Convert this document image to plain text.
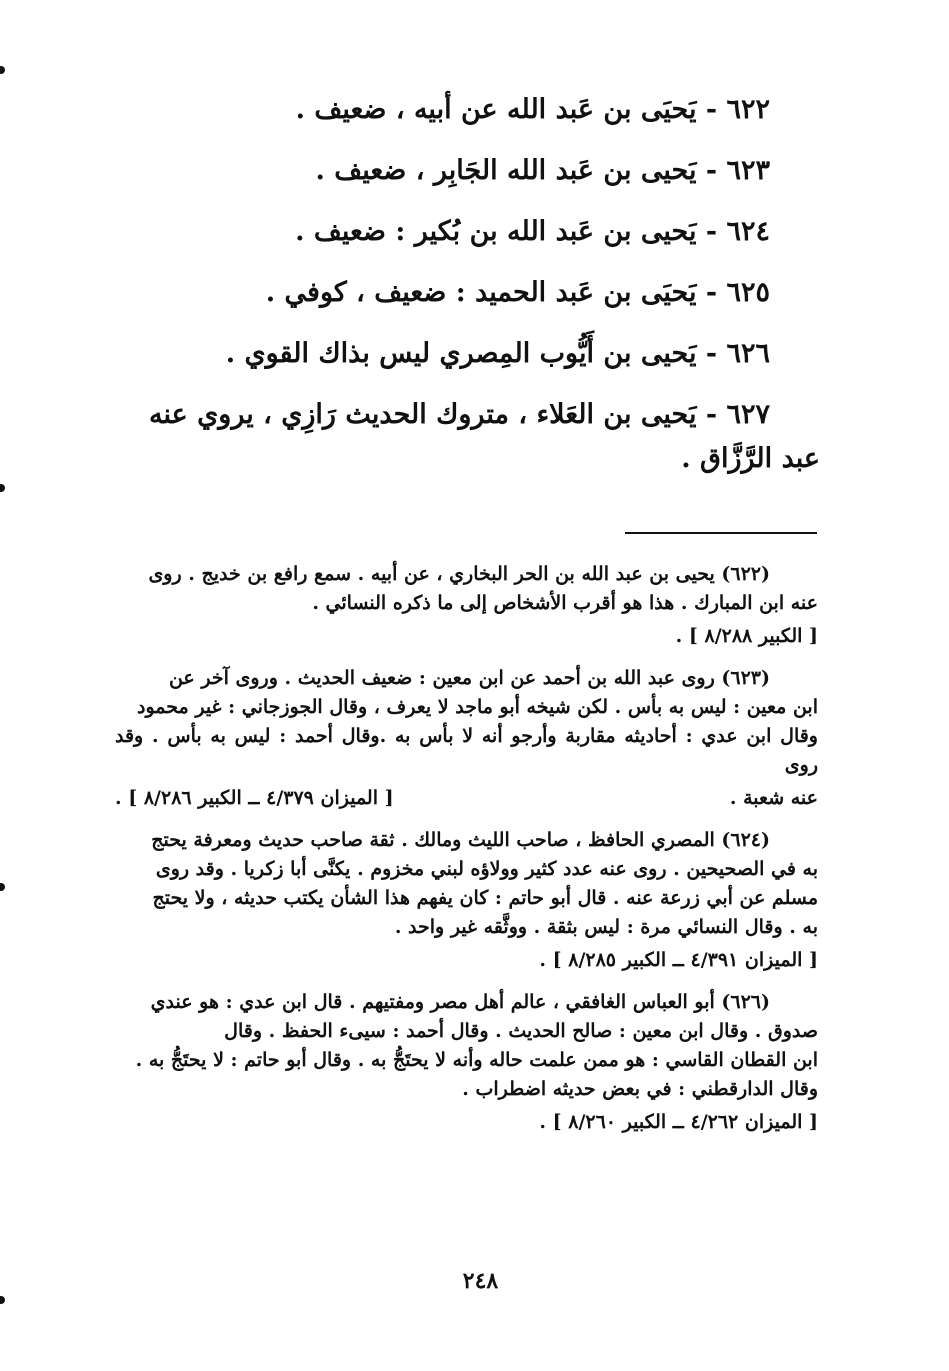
٦٢٢ - يَحيَى بن عَبد الله عن أبيه ، ضعيف .
٦٢٣ - يَحيى بن عَبد الله الجَابِر ، ضعيف .
٦٢٤ - يَحيى بن عَبد الله بن بُكير : ضعيف .
٦٢٥ - يَحيَى بن عَبد الحميد : ضعيف ، كوفي .
٦٢٦ - يَحيى بن أَيُّوب المِصري ليس بذاك القوي .
٦٢٧ - يَحيى بن العَلاء ، متروك الحديث رَازِي ، يروي عنه
عبد الرَّزَّاق .

(٦٢٢) يحيى بن عبد الله بن الحر البخاري ، عن أبيه . سمع رافع بن خديج . روى

عنه ابن المبارك . هذا هو أقرب الأشخاص إلى ما ذكره النسائي .

[ الكبير ٨/٢٨٨ ] .

(٦٢٣) روى عبد الله بن أحمد عن ابن معين : ضعيف الحديث . وروى آخر عن

ابن معين : ليس به بأس . لكن شيخه أبو ماجد لا يعرف ، وقال الجوزجاني : غير محمود

وقال ابن عدي : أحاديثه مقاربة وأرجو أنه لا بأس به .وقال أحمد : ليس به بأس . وقد روى

عنه شعبة .
[ الميزان ٤/٣٧٩ ــ الكبير ٨/٢٨٦ ] .

(٦٢٤) المصري الحافظ ، صاحب الليث ومالك . ثقة صاحب حديث ومعرفة يحتج

به في الصحيحين . روى عنه عدد كثير وولاؤه لبني مخزوم . يكنَّى أبا زكريا . وقد روى

مسلم عن أبي زرعة عنه . قال أبو حاتم : كان يفهم هذا الشأن يكتب حديثه ، ولا يحتج

به . وقال النسائي مرة : ليس بثقة . ووثَّقه غير واحد .

[ الميزان ٤/٣٩١ ــ الكبير ٨/٢٨٥ ] .

(٦٢٦) أبو العباس الغافقي ، عالم أهل مصر ومفتيهم . قال ابن عدي : هو عندي

صدوق . وقال ابن معين : صالح الحديث . وقال أحمد : سيىء الحفظ . وقال

ابن القطان القاسي : هو ممن علمت حاله وأنه لا يحتَجُّ به . وقال أبو حاتم : لا يحتَجُّ به .

وقال الدارقطني : في بعض حديثه اضطراب .

[ الميزان ٤/٢٦٢ ــ الكبير ٨/٢٦٠ ] .
٢٤٨
